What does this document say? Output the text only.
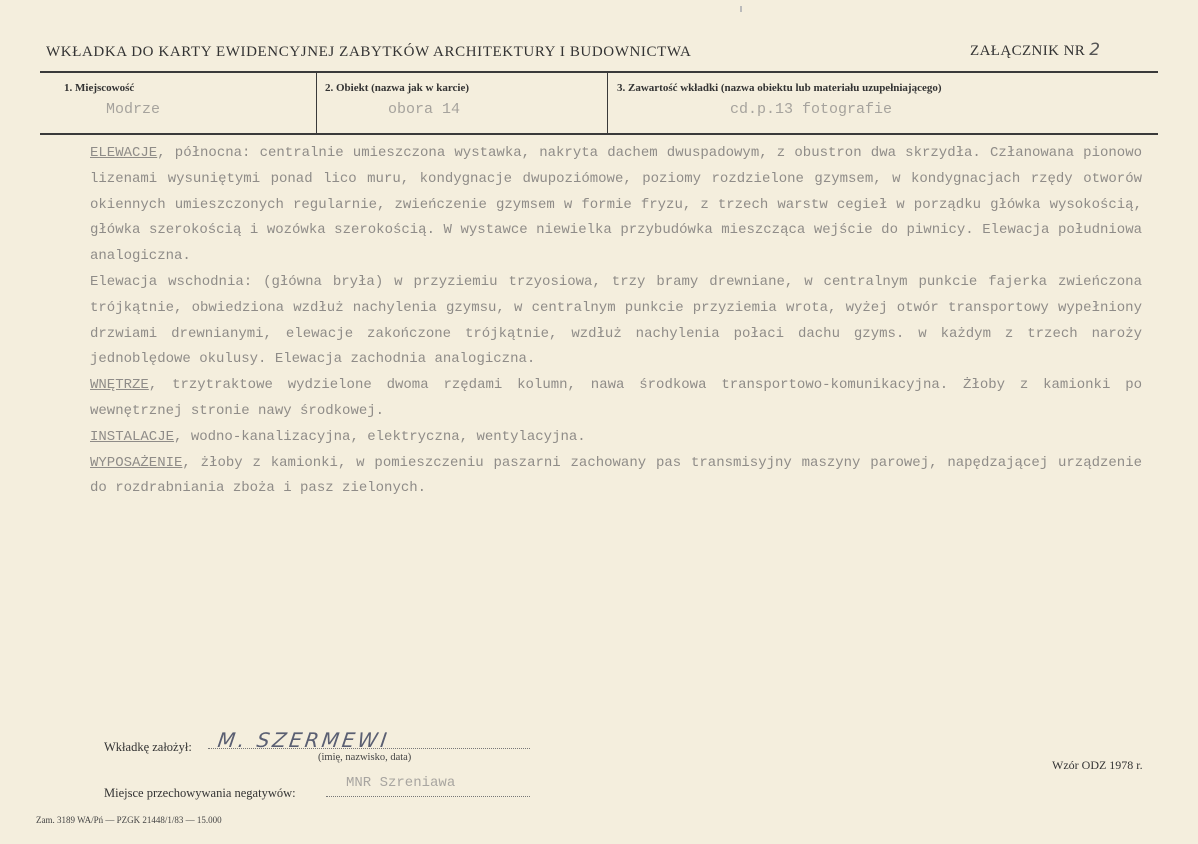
WKŁADKA DO KARTY EWIDENCYJNEJ ZABYTKÓW ARCHITEKTURY I BUDOWNICTWA	ZAŁĄCZNIK NR 2
1. Miejscowość
Modrze
2. Obiekt (nazwa jak w karcie)
obora 14
3. Zawartość wkładki (nazwa obiektu lub materiału uzupełniającego)
cd.p.13 fotografie

ELEWACJE, północna: centralnie umieszczona wystawka, nakryta dachem dwuspadowym, z obustron dwa skrzydła. Człanowana pionowo lizenami wysuniętymi ponad lico muru, kondygnacje dwupoziómowe, poziomy rozdzielone gzymsem, w kondygnacjach rzędy otworów okiennych umieszczonych regularnie, zwieńczenie gzymsem w formie fryzu, z trzech warstw cegieł w porządku główka wysokością, główka szerokością i wozówka szerokością. W wystawce niewielka przybudówka mieszcząca wejście do piwnicy. Elewacja południowa analogiczna.

Elewacja wschodnia: (główna bryła) w przyziemiu trzyosiowa, trzy bramy drewniane, w centralnym punkcie fajerka zwieńczona trójkątnie, obwiedziona wzdłuż nachylenia gzymsu, w centralnym punkcie przyziemia wrota, wyżej otwór transportowy wypełniony drzwiami drewnianymi, elewacje zakończone trójkątnie, wzdłuż nachylenia połaci dachu gzyms. w każdym z trzech naroży jednoblędowe okulusy. Elewacja zachodnia analogiczna.

WNĘTRZE, trzytraktowe wydzielone dwoma rzędami kolumn, nawa środkowa transportowo-komunikacyjna. Żłoby z kamionki po wewnętrznej stronie nawy środkowej.

INSTALACJE, wodno-kanalizacyjna, elektryczna, wentylacyjna.

WYPOSAŻENIE, żłoby z kamionki, w pomieszczeniu paszarni zachowany pas transmisyjny maszyny parowej, napędzającej urządzenie do rozdrabniania zboża i pasz zielonych.

Wkładkę założył: M. SZERMEWI
(imię, nazwisko, data)
Miejsce przechowywania negatywów:
MNR Szreniawa
Wzór ODZ 1978 r.
Zam. 3189 WA/Pń — PZGK 21448/1/83 — 15.000
